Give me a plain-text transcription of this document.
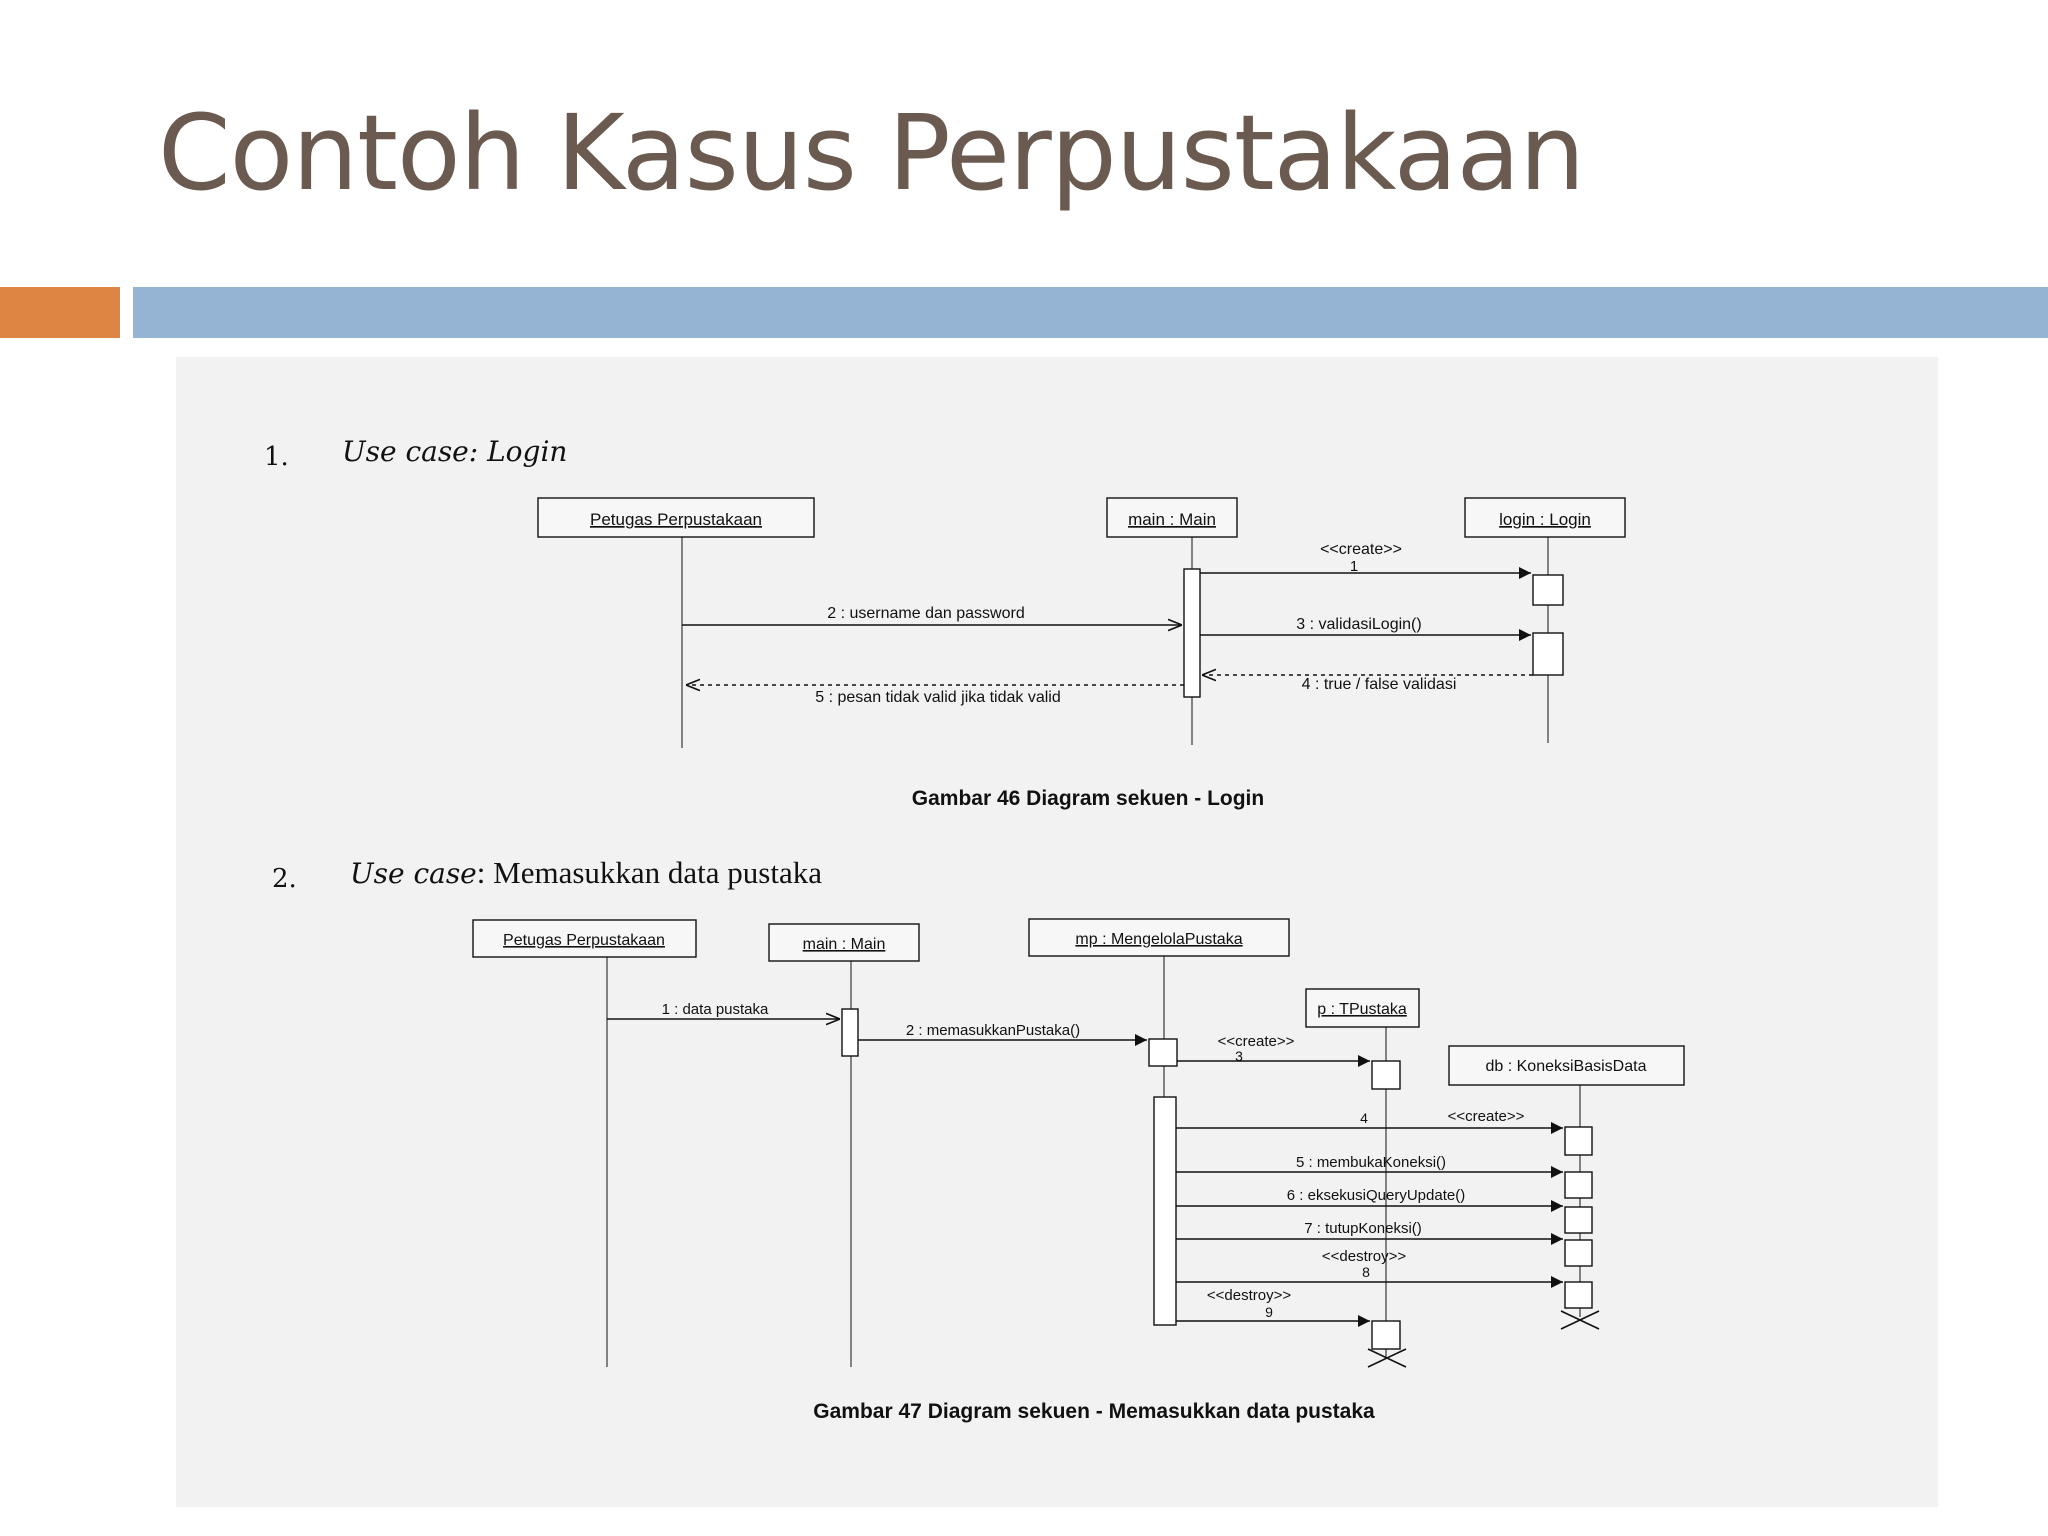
Contoh Kasus Perpustakaan
1. Use case: Login
Petugas Perpustakaan	main : Main	login : Login
<<create>>
1
2 : username dan password
3 : validasiLogin()
4 : true / false validasi
5 : pesan tidak valid jika tidak valid
Gambar 46 Diagram sekuen - Login
2. Use case: Memasukkan data pustaka
Petugas Perpustakaan	main : Main	mp : MengelolaPustaka
p : TPustaka
db : KoneksiBasisData
1 : data pustaka
2 : memasukkanPustaka()
<<create>>
3
<<create>>
4
5 : membukaKoneksi()
6 : eksekusiQueryUpdate()
7 : tutupKoneksi()
<<destroy>>
8
<<destroy>>
9
Gambar 47 Diagram sekuen - Memasukkan data pustaka
